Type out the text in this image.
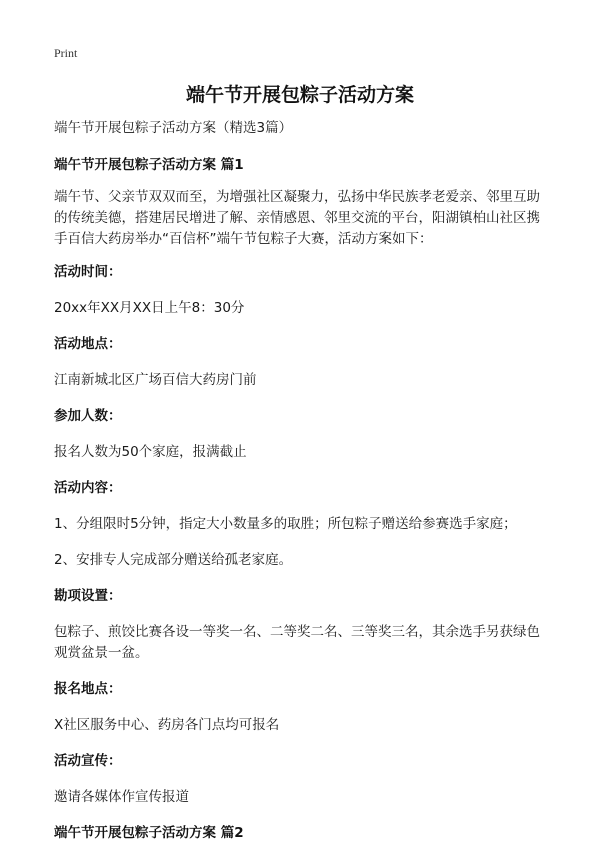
Print
端午节开展包粽子活动方案

端午节开展包粽子活动方案（精选3篇）

端午节开展包粽子活动方案 篇1

端午节、父亲节双双而至，为增强社区凝聚力，弘扬中华民族孝老爱亲、邻里互助

的传统美德，搭建居民增进了解、亲情感恩、邻里交流的平台，阳湖镇柏山社区携

手百信大药房举办“百信杯”端午节包粽子大赛，活动方案如下：

活动时间：

20xx年XX月XX日上午8：30分

活动地点：

江南新城北区广场百信大药房门前

参加人数：

报名人数为50个家庭，报满截止

活动内容：

1、分组限时5分钟，指定大小数量多的取胜；所包粽子赠送给参赛选手家庭；

2、安排专人完成部分赠送给孤老家庭。

勘项设置：

包粽子、煎饺比赛各设一等奖一名、二等奖二名、三等奖三名，其余选手另获绿色

观赏盆景一盆。

报名地点：

X社区服务中心、药房各门点均可报名

活动宣传：

邀请各媒体作宣传报道

端午节开展包粽子活动方案 篇2
